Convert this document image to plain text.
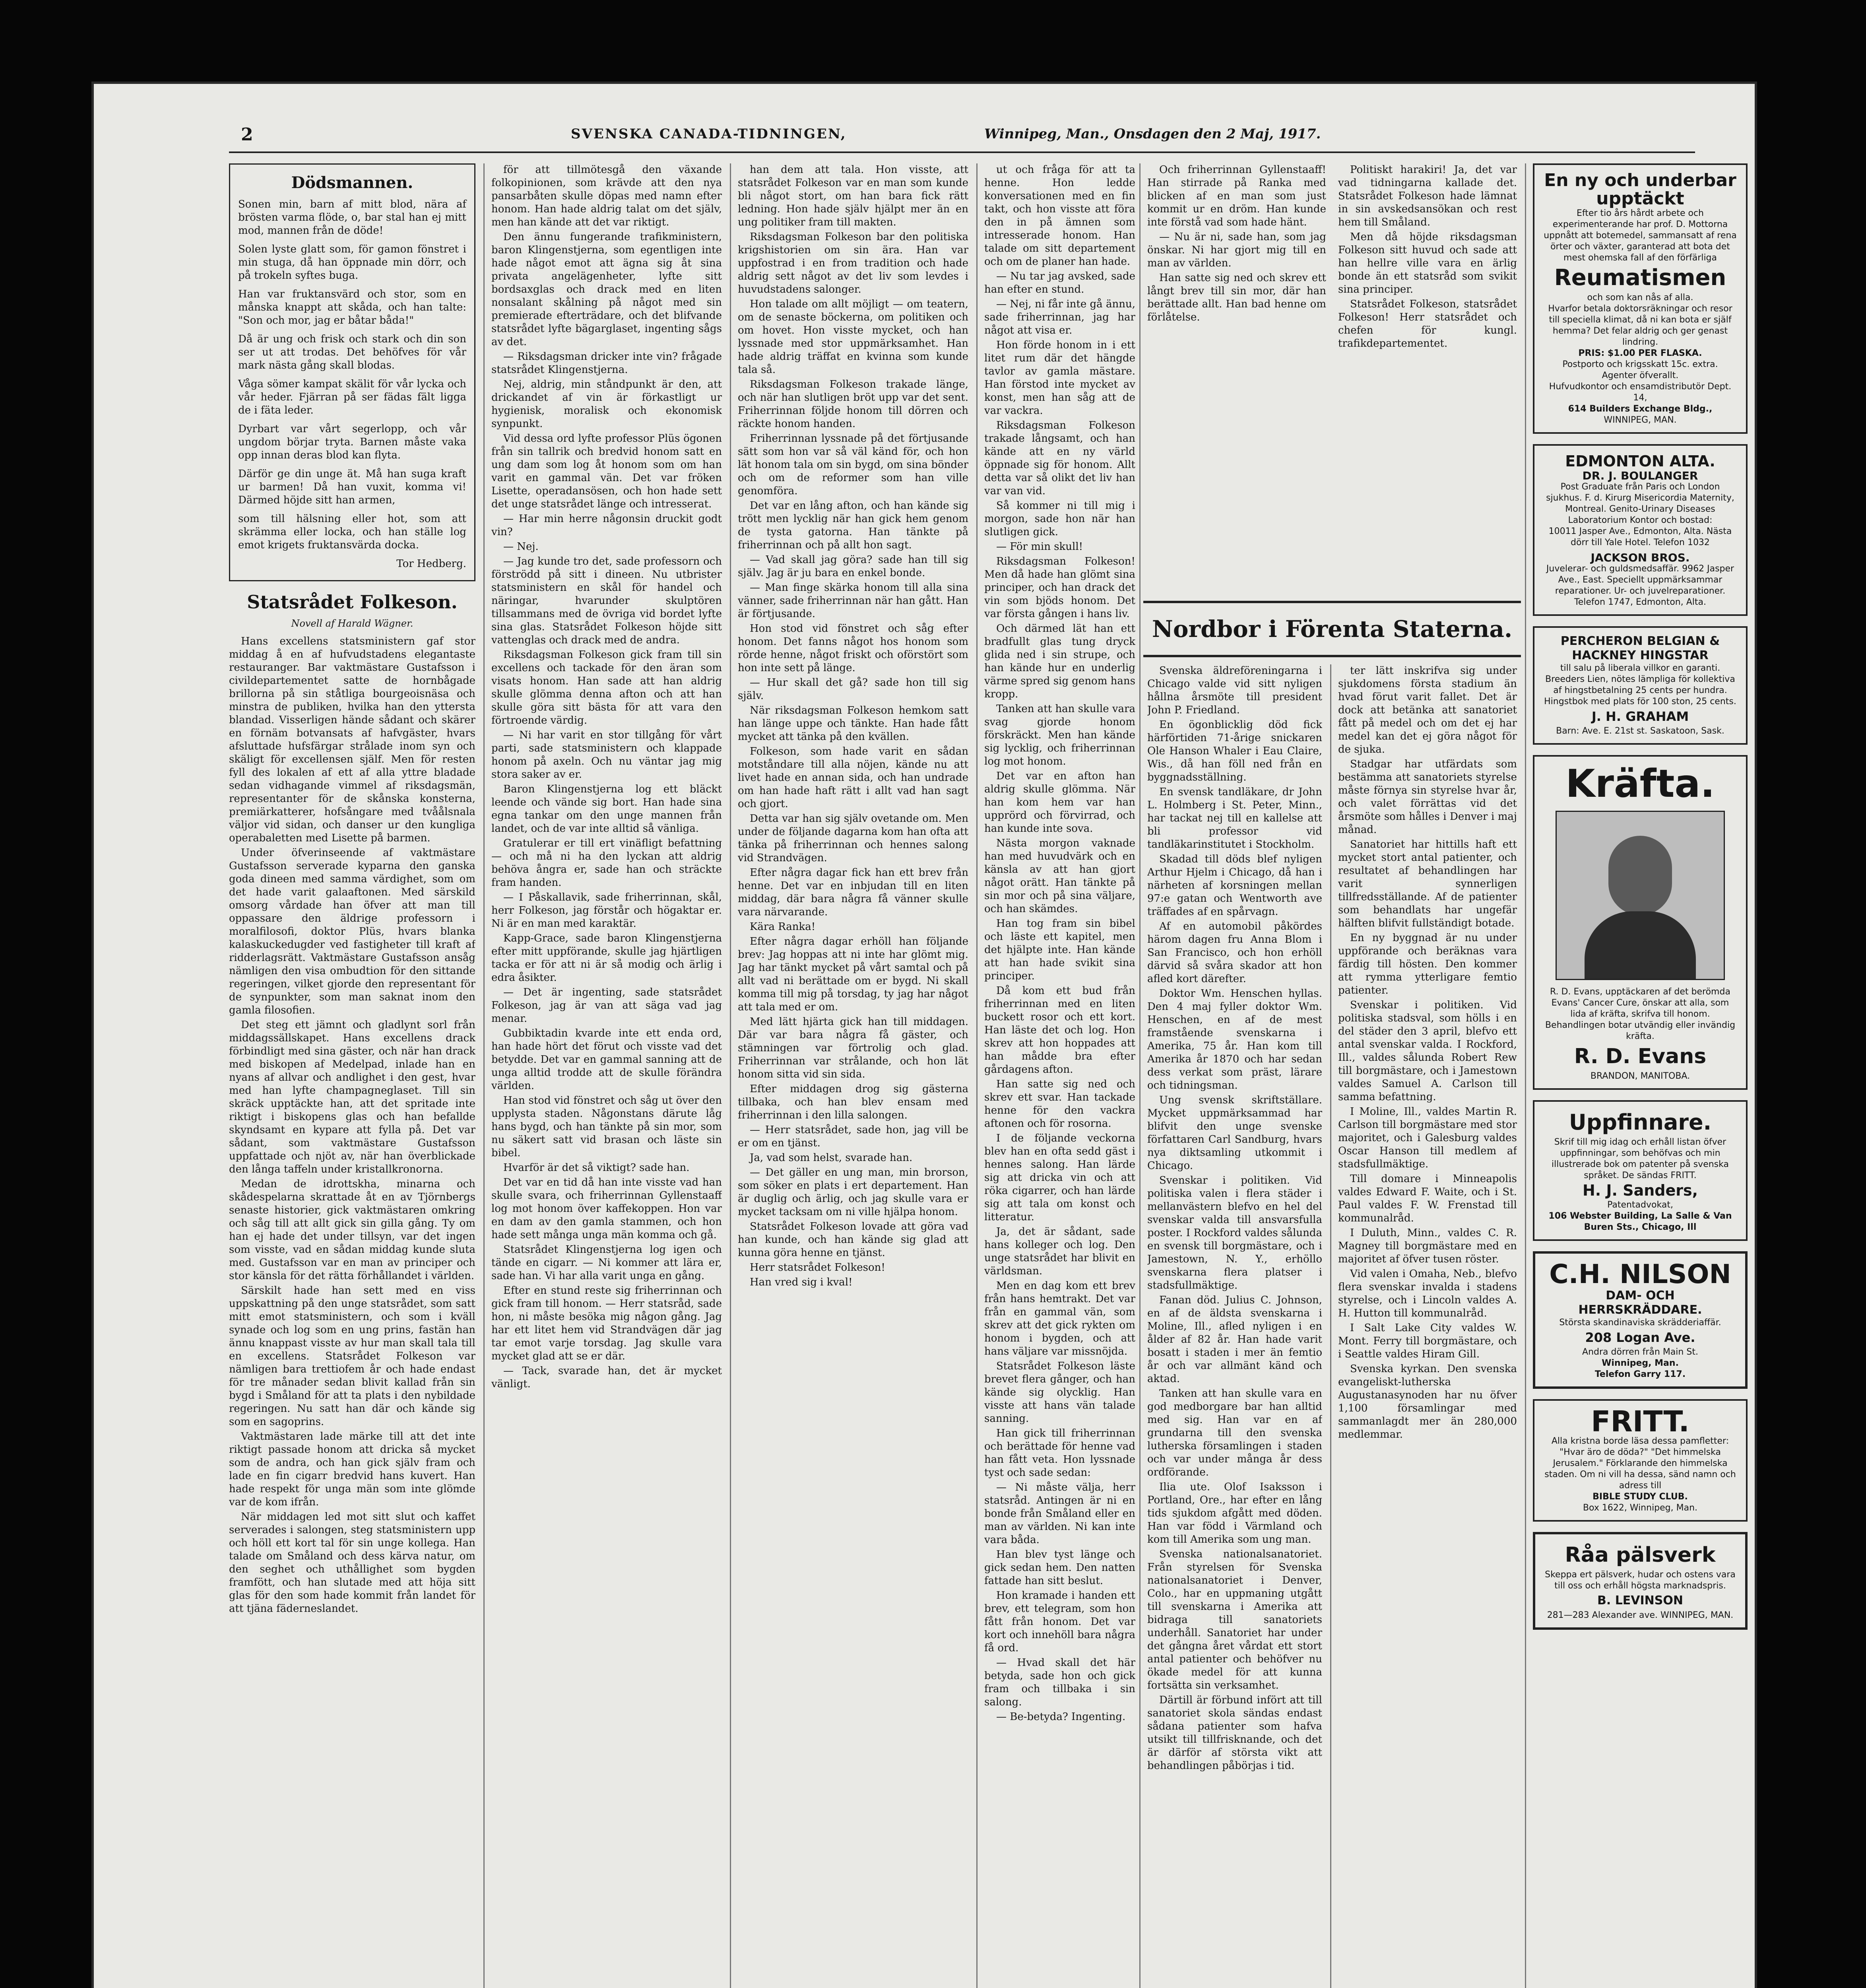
2	SVENSKA CANADA-TIDNINGEN,	Winnipeg, Man., Onsdagen den 2 Maj, 1917.
Dödsmannen.

Sonen min, barn af mitt blod, nära af brösten varma flöde, o, bar stal han ej mitt mod, mannen från de döde!

Solen lyste glatt som, för gamon fönstret i min stuga, då han öppnade min dörr, och på trokeln syftes buga.

Han var fruktansvärd och stor, som en månska knappt att skåda, och han talte: "Son och mor, jag er båtar båda!"

Då är ung och frisk och stark och din son ser ut att trodas. Det behöfves för vår mark nästa gång skall blodas.

Våga sömer kampat skälit för vår lycka och vår heder. Fjärran på ser fädas fält ligga de i fäta leder.

Dyrbart var vårt segerlopp, och vår ungdom börjar tryta. Barnen måste vaka opp innan deras blod kan flyta.

Därför ge din unge ät. Må han suga kraft ur barmen! Då han vuxit, komma vi! Därmed höjde sitt han armen,

som till hälsning eller hot, som att skrämma eller locka, och han ställe log emot krigets fruktansvärda docka.

Tor Hedberg.
Statsrådet Folkeson.
Novell af Harald Wägner.

Hans excellens statsministern gaf stor middag å en af hufvudstadens elegantaste restauranger. Bar vaktmästare Gustafsson i civildepartementet satte de hornbågade brillorna på sin ståtliga bourgeoisnäsa och minstra de publiken, hvilka han den yttersta blandad. Visserligen hände sådant och skärer en förnäm botvansats af hafvgäster, hvars afsluttade hufsfärgar strålade inom syn och skäligt för excellensen själf. Men för resten fyll des lokalen af ett af alla yttre bladade sedan vidhagande vimmel af riksdagsmän, representanter för de skånska konsterna, premiärkatterer, hofsångare med tvåålsnala väljor vid sidan, och danser ur den kungliga operabaletten med Lisette på barmen.

Under öfverinseende af vaktmästare Gustafsson serverade kyparna den ganska goda dineen med samma värdighet, som om det hade varit galaaftonen. Med särskild omsorg vårdade han öfver att man till oppassare den äldrige professorn i moralfilosofi, doktor Plüs, hvars blanka kalaskuckedugder ved fastigheter till kraft af ridderlagsrätt. Vaktmästare Gustafsson ansåg nämligen den visa ombudtion för den sittande regeringen, vilket gjorde den representant för de synpunkter, som man saknat inom den gamla filosofien.

Det steg ett jämnt och gladlynt sorl från middagssällskapet. Hans excellens drack förbindligt med sina gäster, och när han drack med biskopen af Medelpad, inlade han en nyans af allvar och andlighet i den gest, hvar med han lyfte champagneglaset. Till sin skräck upptäckte han, att det spritade inte riktigt i biskopens glas och han befallde skyndsamt en kypare att fylla på. Det var sådant, som vaktmästare Gustafsson uppfattade och njöt av, när han överblickade den långa taffeln under kristallkronorna.

Medan de idrottskha, minarna och skådespelarna skrattade åt en av Tjörnbergs senaste historier, gick vaktmästaren omkring och såg till att allt gick sin gilla gång. Ty om han ej hade det under tillsyn, var det ingen som visste, vad en sådan middag kunde sluta med. Gustafsson var en man av principer och stor känsla för det rätta förhållandet i världen.

Särskilt hade han sett med en viss uppskattning på den unge statsrådet, som satt mitt emot statsministern, och som i kväll synade och log som en ung prins, fastän han ännu knappast visste av hur man skall tala till en excellens. Statsrådet Folkeson var nämligen bara trettiofem år och hade endast för tre månader sedan blivit kallad från sin bygd i Småland för att ta plats i den nybildade regeringen. Nu satt han där och kände sig som en sagoprins.

Vaktmästaren lade märke till att det inte riktigt passade honom att dricka så mycket som de andra, och han gick själv fram och lade en fin cigarr bredvid hans kuvert. Han hade respekt för unga män som inte glömde var de kom ifrån.

När middagen led mot sitt slut och kaffet serverades i salongen, steg statsministern upp och höll ett kort tal för sin unge kollega. Han talade om Småland och dess kärva natur, om den seghet och uthållighet som bygden framfött, och han slutade med att höja sitt glas för den som hade kommit från landet för att tjäna fäderneslandet.

för att tillmötesgå den växande folkopinionen, som krävde att den nya pansarbåten skulle döpas med namn efter honom. Han hade aldrig talat om det själv, men han kände att det var riktigt.

Den ännu fungerande trafikministern, baron Klingenstjerna, som egentligen inte hade något emot att ägna sig åt sina privata angelägenheter, lyfte sitt bordsaxglas och drack med en liten nonsalant skålning på något med sin premierade efterträdare, och det blifvande statsrådet lyfte bägarglaset, ingenting sågs av det.

— Riksdagsman dricker inte vin? frågade statsrådet Klingenstjerna.

Nej, aldrig, min ståndpunkt är den, att drickandet af vin är förkastligt ur hygienisk, moralisk och ekonomisk synpunkt.

Vid dessa ord lyfte professor Plüs ögonen från sin tallrik och bredvid honom satt en ung dam som log åt honom som om han varit en gammal vän. Det var fröken Lisette, operadansösen, och hon hade sett det unge statsrådet länge och intresserat.

— Har min herre någonsin druckit godt vin?

— Nej.

— Jag kunde tro det, sade professorn och förströdd på sitt i dineen. Nu utbrister statsministern en skål för handel och näringar, hvarunder skulptören tillsammans med de övriga vid bordet lyfte sina glas. Statsrådet Folkeson höjde sitt vattenglas och drack med de andra.

Riksdagsman Folkeson gick fram till sin excellens och tackade för den äran som visats honom. Han sade att han aldrig skulle glömma denna afton och att han skulle göra sitt bästa för att vara den förtroende värdig.

— Ni har varit en stor tillgång för vårt parti, sade statsministern och klappade honom på axeln. Och nu väntar jag mig stora saker av er.

Baron Klingenstjerna log ett bläckt leende och vände sig bort. Han hade sina egna tankar om den unge mannen från landet, och de var inte alltid så vänliga.

Gratulerar er till ert vinäfligt befattning — och må ni ha den lyckan att aldrig behöva ångra er, sade han och sträckte fram handen.

— I Påskallavik, sade friherrinnan, skål, herr Folkeson, jag förstår och högaktar er. Ni är en man med karaktär.

Kapp-Grace, sade baron Klingenstjerna efter mitt uppförande, skulle jag hjärtligen tacka er för att ni är så modig och ärlig i edra åsikter.

— Det är ingenting, sade statsrådet Folkeson, jag är van att säga vad jag menar.

Gubbiktadin kvarde inte ett enda ord, han hade hört det förut och visste vad det betydde. Det var en gammal sanning att de unga alltid trodde att de skulle förändra världen.

Han stod vid fönstret och såg ut över den upplysta staden. Någonstans därute låg hans bygd, och han tänkte på sin mor, som nu säkert satt vid brasan och läste sin bibel.

Hvarför är det så viktigt? sade han.

Det var en tid då han inte visste vad han skulle svara, och friherrinnan Gyllenstaaff log mot honom över kaffekoppen. Hon var en dam av den gamla stammen, och hon hade sett många unga män komma och gå.

Statsrådet Klingenstjerna log igen och tände en cigarr. — Ni kommer att lära er, sade han. Vi har alla varit unga en gång.

Efter en stund reste sig friherrinnan och gick fram till honom. — Herr statsråd, sade hon, ni måste besöka mig någon gång. Jag har ett litet hem vid Strandvägen där jag tar emot varje torsdag. Jag skulle vara mycket glad att se er där.

— Tack, svarade han, det är mycket vänligt.

han dem att tala. Hon visste, att statsrådet Folkeson var en man som kunde bli något stort, om han bara fick rätt ledning. Hon hade själv hjälpt mer än en ung politiker fram till makten.

Riksdagsman Folkeson bar den politiska krigshistorien om sin ära. Han var uppfostrad i en from tradition och hade aldrig sett något av det liv som levdes i huvudstadens salonger.

Hon talade om allt möjligt — om teatern, om de senaste böckerna, om politiken och om hovet. Hon visste mycket, och han lyssnade med stor uppmärksamhet. Han hade aldrig träffat en kvinna som kunde tala så.

Riksdagsman Folkeson trakade länge, och när han slutligen bröt upp var det sent. Friherrinnan följde honom till dörren och räckte honom handen.

Friherrinnan lyssnade på det förtjusande sätt som hon var så väl känd för, och hon lät honom tala om sin bygd, om sina bönder och om de reformer som han ville genomföra.

Det var en lång afton, och han kände sig trött men lycklig när han gick hem genom de tysta gatorna. Han tänkte på friherrinnan och på allt hon sagt.

— Vad skall jag göra? sade han till sig själv. Jag är ju bara en enkel bonde.

— Man finge skärka honom till alla sina vänner, sade friherrinnan när han gått. Han är förtjusande.

Hon stod vid fönstret och såg efter honom. Det fanns något hos honom som rörde henne, något friskt och oförstört som hon inte sett på länge.

— Hur skall det gå? sade hon till sig själv.

När riksdagsman Folkeson hemkom satt han länge uppe och tänkte. Han hade fått mycket att tänka på den kvällen.

Folkeson, som hade varit en sådan motståndare till alla nöjen, kände nu att livet hade en annan sida, och han undrade om han hade haft rätt i allt vad han sagt och gjort.

Detta var han sig själv ovetande om. Men under de följande dagarna kom han ofta att tänka på friherrinnan och hennes salong vid Strandvägen.

Efter några dagar fick han ett brev från henne. Det var en inbjudan till en liten middag, där bara några få vänner skulle vara närvarande.

Kära Ranka!

Efter några dagar erhöll han följande brev: Jag hoppas att ni inte har glömt mig. Jag har tänkt mycket på vårt samtal och på allt vad ni berättade om er bygd. Ni skall komma till mig på torsdag, ty jag har något att tala med er om.

Med lätt hjärta gick han till middagen. Där var bara några få gäster, och stämningen var förtrolig och glad. Friherrinnan var strålande, och hon lät honom sitta vid sin sida.

Efter middagen drog sig gästerna tillbaka, och han blev ensam med friherrinnan i den lilla salongen.

— Herr statsrådet, sade hon, jag vill be er om en tjänst.

Ja, vad som helst, svarade han.

— Det gäller en ung man, min brorson, som söker en plats i ert departement. Han är duglig och ärlig, och jag skulle vara er mycket tacksam om ni ville hjälpa honom.

Statsrådet Folkeson lovade att göra vad han kunde, och han kände sig glad att kunna göra henne en tjänst.

Herr statsrådet Folkeson!

Han vred sig i kval!

ut och fråga för att ta henne. Hon ledde konversationen med en fin takt, och hon visste att föra den in på ämnen som intresserade honom. Han talade om sitt departement och om de planer han hade.

— Nu tar jag avsked, sade han efter en stund.

— Nej, ni får inte gå ännu, sade friherrinnan, jag har något att visa er.

Hon förde honom in i ett litet rum där det hängde tavlor av gamla mästare. Han förstod inte mycket av konst, men han såg att de var vackra.

Riksdagsman Folkeson trakade långsamt, och han kände att en ny värld öppnade sig för honom. Allt detta var så olikt det liv han var van vid.

Så kommer ni till mig i morgon, sade hon när han slutligen gick.

— För min skull!

Riksdagsman Folkeson! Men då hade han glömt sina principer, och han drack det vin som bjöds honom. Det var första gången i hans liv.

Och därmed lät han ett bradfullt glas tung dryck glida ned i sin strupe, och han kände hur en underlig värme spred sig genom hans kropp.

Tanken att han skulle vara svag gjorde honom förskräckt. Men han kände sig lycklig, och friherrinnan log mot honom.

Det var en afton han aldrig skulle glömma. När han kom hem var han upprörd och förvirrad, och han kunde inte sova.

Nästa morgon vaknade han med huvudvärk och en känsla av att han gjort något orätt. Han tänkte på sin mor och på sina väljare, och han skämdes.

Han tog fram sin bibel och läste ett kapitel, men det hjälpte inte. Han kände att han hade svikit sina principer.

Då kom ett bud från friherrinnan med en liten buckett rosor och ett kort. Han läste det och log. Hon skrev att hon hoppades att han mådde bra efter gårdagens afton.

Han satte sig ned och skrev ett svar. Han tackade henne för den vackra aftonen och för rosorna.

I de följande veckorna blev han en ofta sedd gäst i hennes salong. Han lärde sig att dricka vin och att röka cigarrer, och han lärde sig att tala om konst och litteratur.

Ja, det är sådant, sade hans kolleger och log. Den unge statsrådet har blivit en världsman.

Men en dag kom ett brev från hans hemtrakt. Det var från en gammal vän, som skrev att det gick rykten om honom i bygden, och att hans väljare var missnöjda.

Statsrådet Folkeson läste brevet flera gånger, och han kände sig olycklig. Han visste att hans vän talade sanning.

Han gick till friherrinnan och berättade för henne vad han fått veta. Hon lyssnade tyst och sade sedan:

— Ni måste välja, herr statsråd. Antingen är ni en bonde från Småland eller en man av världen. Ni kan inte vara båda.

Han blev tyst länge och gick sedan hem. Den natten fattade han sitt beslut.

Hon kramade i handen ett brev, ett telegram, som hon fått från honom. Det var kort och innehöll bara några få ord.

— Hvad skall det här betyda, sade hon och gick fram och tillbaka i sin salong.

— Be-betyda? Ingenting.

Och friherrinnan Gyllenstaaff! Han stirrade på Ranka med blicken af en man som just kommit ur en dröm. Han kunde inte förstå vad som hade hänt.

— Nu är ni, sade han, som jag önskar. Ni har gjort mig till en man av världen.

Han satte sig ned och skrev ett långt brev till sin mor, där han berättade allt. Han bad henne om förlåtelse.

Politiskt harakiri! Ja, det var vad tidningarna kallade det. Statsrådet Folkeson hade lämnat in sin avskedsansökan och rest hem till Småland.

Men då höjde riksdagsman Folkeson sitt huvud och sade att han hellre ville vara en ärlig bonde än ett statsråd som svikit sina principer.

Statsrådet Folkeson, statsrådet Folkeson! Herr statsrådet och chefen för kungl. trafikdepartementet.

Nordbor i Förenta Staterna.

Svenska äldreföreningarna i Chicago valde vid sitt nyligen hållna årsmöte till president John P. Friedland.

En ögonblicklig död fick härförtiden 71-årige snickaren Ole Hanson Whaler i Eau Claire, Wis., då han föll ned från en byggnadsställning.

En svensk tandläkare, dr John L. Holmberg i St. Peter, Minn., har tackat nej till en kallelse att bli professor vid tandläkarinstitutet i Stockholm.

Skadad till döds blef nyligen Arthur Hjelm i Chicago, då han i närheten af korsningen mellan 97:e gatan och Wentworth ave träffades af en spårvagn.

Af en automobil påkördes härom dagen fru Anna Blom i San Francisco, och hon erhöll därvid så svåra skador att hon afled kort därefter.

Doktor Wm. Henschen hyllas. Den 4 maj fyller doktor Wm. Henschen, en af de mest framstående svenskarna i Amerika, 75 år. Han kom till Amerika år 1870 och har sedan dess verkat som präst, lärare och tidningsman.

Ung svensk skriftställare. Mycket uppmärksammad har blifvit den unge svenske författaren Carl Sandburg, hvars nya diktsamling utkommit i Chicago.

Svenskar i politiken. Vid politiska valen i flera städer i mellanvästern blefvo en hel del svenskar valda till ansvarsfulla poster. I Rockford valdes sålunda en svensk till borgmästare, och i Jamestown, N. Y., erhöllo svenskarna flera platser i stadsfullmäktige.

Fanan död. Julius C. Johnson, en af de äldsta svenskarna i Moline, Ill., afled nyligen i en ålder af 82 år. Han hade varit bosatt i staden i mer än femtio år och var allmänt känd och aktad.

Tanken att han skulle vara en god medborgare bar han alltid med sig. Han var en af grundarna till den svenska lutherska församlingen i staden och var under många år dess ordförande.

Ilia ute. Olof Isaksson i Portland, Ore., har efter en lång tids sjukdom afgått med döden. Han var född i Värmland och kom till Amerika som ung man.

Svenska nationalsanatoriet. Från styrelsen för Svenska nationalsanatoriet i Denver, Colo., har en uppmaning utgått till svenskarna i Amerika att bidraga till sanatoriets underhåll. Sanatoriet har under det gångna året vårdat ett stort antal patienter och behöfver nu ökade medel för att kunna fortsätta sin verksamhet.

Därtill är förbund infört att till sanatoriet skola sändas endast sådana patienter som hafva utsikt till tillfrisknande, och det är därför af största vikt att behandlingen påbörjas i tid.

ter lätt inskrifva sig under sjukdomens första stadium än hvad förut varit fallet. Det är dock att betänka att sanatoriet fått på medel och om det ej har medel kan det ej göra något för de sjuka.

Stadgar har utfärdats som bestämma att sanatoriets styrelse måste förnya sin styrelse hvar år, och valet förrättas vid det årsmöte som hålles i Denver i maj månad.

Sanatoriet har hittills haft ett mycket stort antal patienter, och resultatet af behandlingen har varit synnerligen tillfredsställande. Af de patienter som behandlats har ungefär hälften blifvit fullständigt botade.

En ny byggnad är nu under uppförande och beräknas vara färdig till hösten. Den kommer att rymma ytterligare femtio patienter.

Svenskar i politiken. Vid politiska stadsval, som hölls i en del städer den 3 april, blefvo ett antal svenskar valda. I Rockford, Ill., valdes sålunda Robert Rew till borgmästare, och i Jamestown valdes Samuel A. Carlson till samma befattning.

I Moline, Ill., valdes Martin R. Carlson till borgmästare med stor majoritet, och i Galesburg valdes Oscar Hanson till medlem af stadsfullmäktige.

Till domare i Minneapolis valdes Edward F. Waite, och i St. Paul valdes F. W. Frenstad till kommunalråd.

I Duluth, Minn., valdes C. R. Magney till borgmästare med en majoritet af öfver tusen röster.

Vid valen i Omaha, Neb., blefvo flera svenskar invalda i stadens styrelse, och i Lincoln valdes A. H. Hutton till kommunalråd.

I Salt Lake City valdes W. Mont. Ferry till borgmästare, och i Seattle valdes Hiram Gill.

Svenska kyrkan. Den svenska evangeliskt-lutherska Augustanasynoden har nu öfver 1,100 församlingar med sammanlagdt mer än 280,000 medlemmar.

En ny och underbar upptäckt
Efter tio års hårdt arbete och experimenterande har prof. D. Mottorna uppnått att botemedel, sammansatt af rena örter och växter, garanterad att bota det mest ohemska fall af den förfärliga
Reumatismen
och som kan nås af alla.
Hvarfor betala doktorsräkningar och resor till speciella klimat, då ni kan bota er själf hemma? Det felar aldrig och ger genast lindring.
PRIS: $1.00 PER FLASKA.
Postporto och krigsskatt 15c. extra.
Agenter öfverallt.
Hufvudkontor och ensamdistributör Dept. 14,
614 Builders Exchange Bldg.,
WINNIPEG, MAN.
EDMONTON ALTA.
DR. J. BOULANGER
Post Graduate från Paris och London sjukhus. F. d. Kirurg Misericordia Maternity, Montreal. Genito-Urinary Diseases Laboratorium Kontor och bostad:
10011 Jasper Ave., Edmonton, Alta. Nästa dörr till Yale Hotel. Telefon 1032
JACKSON BROS.
Juvelerar- och guldsmedsaffär. 9962 Jasper Ave., East. Speciellt uppmärksammar reparationer. Ur- och juvelreparationer.
Telefon 1747, Edmonton, Alta.
PERCHERON BELGIAN & HACKNEY HINGSTAR
till salu på liberala villkor en garanti. Breeders Lien, nötes lämpliga för kollektiva af hingstbetalning 25 cents per hundra. Hingstbok med plats för 100 ston, 25 cents.
J. H. GRAHAM
Barn: Ave. E. 21st st. Saskatoon, Sask.
Kräfta.
R. D. Evans, upptäckaren af det berömda Evans' Cancer Cure, önskar att alla, som lida af kräfta, skrifva till honom. Behandlingen botar utvändig eller invändig kräfta.
R. D. Evans
BRANDON, MANITOBA.
Uppfinnare.
Skrif till mig idag och erhåll listan öfver uppfinningar, som behöfvas och min illustrerade bok om patenter på svenska språket. De sändas FRITT.
H. J. Sanders,
Patentadvokat,
106 Webster Building, La Salle & Van Buren Sts., Chicago, Ill
C.H. NILSON
DAM- OCH HERRSKRÄDDARE.
Största skandinaviska skrädderiaffär.
208 Logan Ave.
Andra dörren från Main St.
Winnipeg, Man.
Telefon Garry 117.
FRITT.
Alla kristna borde läsa dessa pamfletter: "Hvar äro de döda?" "Det himmelska Jerusalem." Förklarande den himmelska staden. Om ni vill ha dessa, sänd namn och adress till
BIBLE STUDY CLUB.
Box 1622, Winnipeg, Man.
Råa pälsverk
Skeppa ert pälsverk, hudar och ostens vara till oss och erhåll högsta marknadspris.
B. LEVINSON
281—283 Alexander ave. WINNIPEG, MAN.
